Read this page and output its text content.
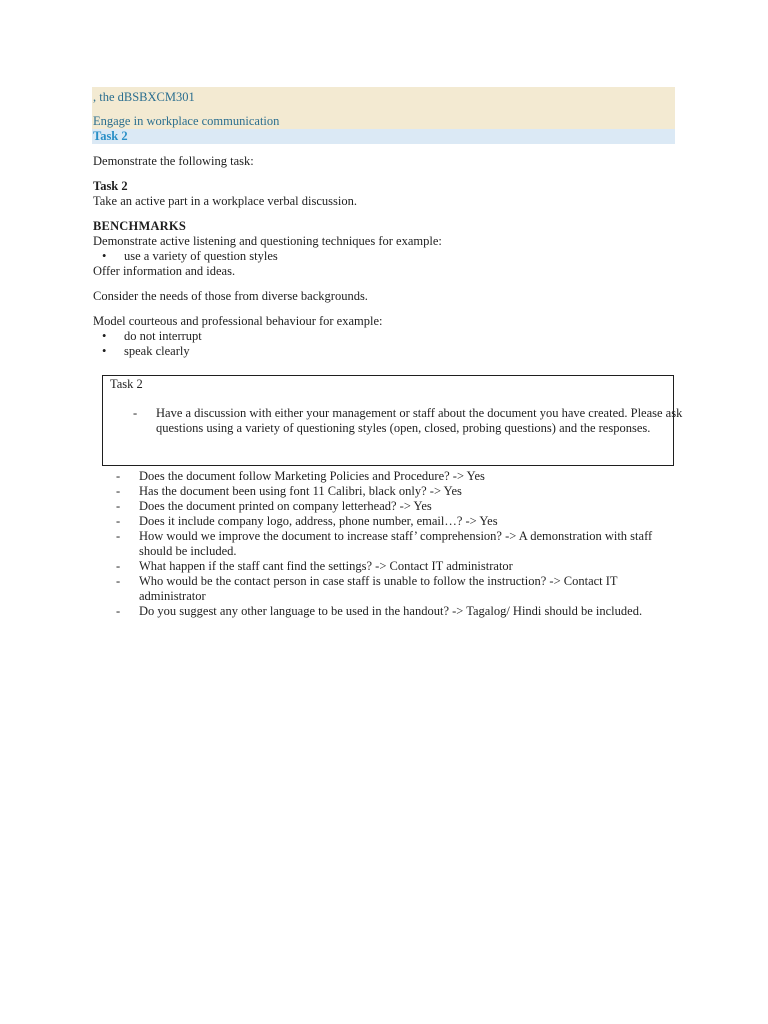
, the dBSBXCM301
Engage in workplace communication
Task 2

Demonstrate the following task:

Task 2

Take an active part in a workplace verbal discussion.

BENCHMARKS

Demonstrate active listening and questioning techniques for example:

• use a variety of question styles

Offer information and ideas.

Consider the needs of those from diverse backgrounds.

Model courteous and professional behaviour for example:

• do not interrupt
• speak clearly
Task 2
- Have a discussion with either your management or staff about the document you have created. Please ask questions using a variety of questioning styles (open, closed, probing questions) and the responses.
- Does the document follow Marketing Policies and Procedure? -> Yes
- Has the document been using font 11 Calibri, black only? -> Yes
- Does the document printed on company letterhead? -> Yes
- Does it include company logo, address, phone number, email…? -> Yes
- How would we improve the document to increase staff’ comprehension? -> A demonstration with staff should be included.
- What happen if the staff cant find the settings? -> Contact IT administrator
- Who would be the contact person in case staff is unable to follow the instruction? -> Contact IT administrator
- Do you suggest any other language to be used in the handout? -> Tagalog/ Hindi should be included.
